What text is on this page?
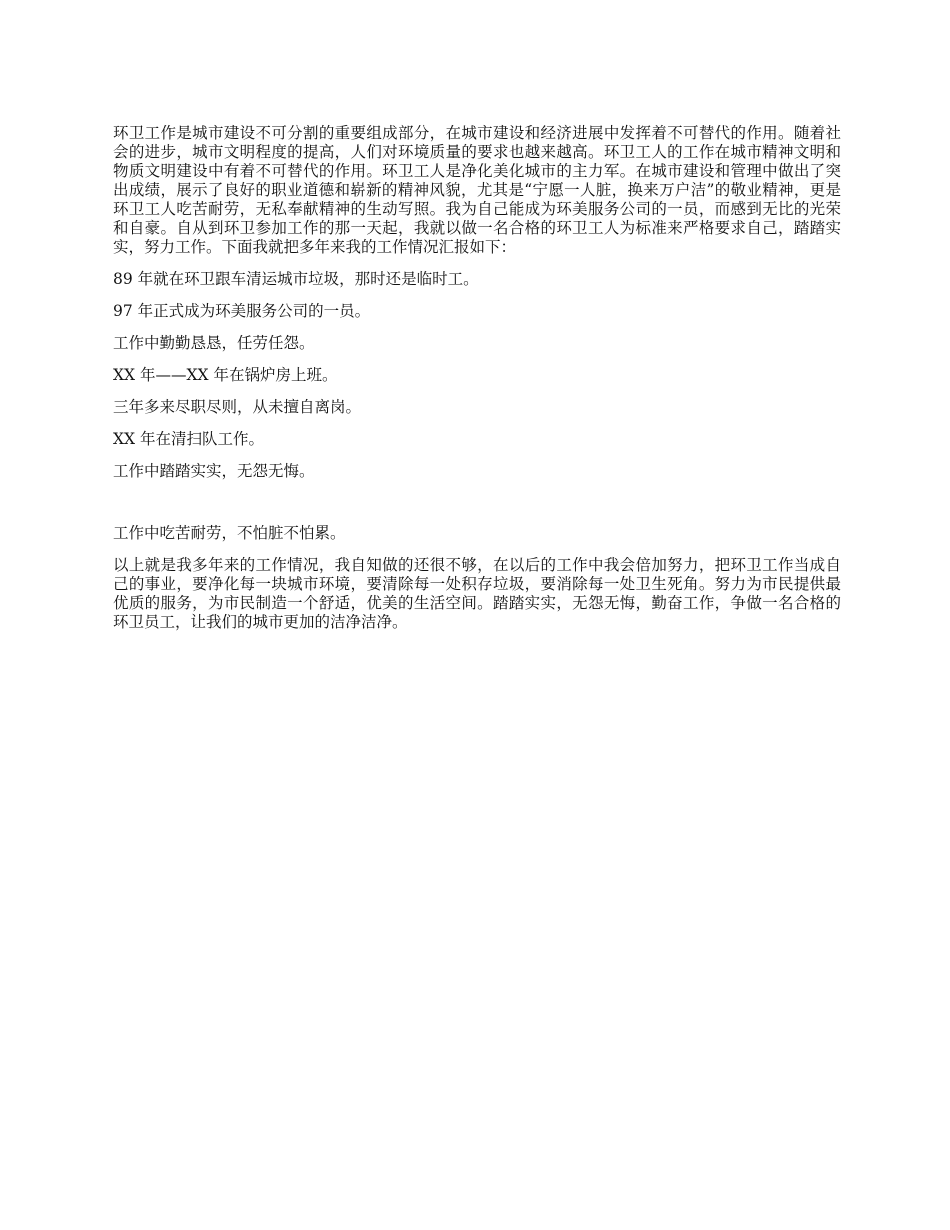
环卫工作是城市建设不可分割的重要组成部分，在城市建设和经济进展中发挥着不可替代的作用。随着社会的进步，城市文明程度的提高，人们对环境质量的要求也越来越高。环卫工人的工作在城市精神文明和物质文明建设中有着不可替代的作用。环卫工人是净化美化城市的主力军。在城市建设和管理中做出了突出成绩，展示了良好的职业道德和崭新的精神风貌，尤其是“宁愿一人脏，换来万户洁”的敬业精神，更是环卫工人吃苦耐劳，无私奉献精神的生动写照。我为自己能成为环美服务公司的一员，而感到无比的光荣和自豪。自从到环卫参加工作的那一天起，我就以做一名合格的环卫工人为标准来严格要求自己，踏踏实实，努力工作。下面我就把多年来我的工作情况汇报如下：

89 年就在环卫跟车清运城市垃圾，那时还是临时工。

97 年正式成为环美服务公司的一员。

工作中勤勤恳恳，任劳任怨。

XX 年——XX 年在锅炉房上班。

三年多来尽职尽则，从未擅自离岗。

XX 年在清扫队工作。

工作中踏踏实实，无怨无悔。

工作中吃苦耐劳，不怕脏不怕累。

以上就是我多年来的工作情况，我自知做的还很不够，在以后的工作中我会倍加努力，把环卫工作当成自己的事业，要净化每一块城市环境，要清除每一处积存垃圾，要消除每一处卫生死角。努力为市民提供最优质的服务，为市民制造一个舒适，优美的生活空间。踏踏实实，无怨无悔，勤奋工作，争做一名合格的环卫员工，让我们的城市更加的洁净洁净。
